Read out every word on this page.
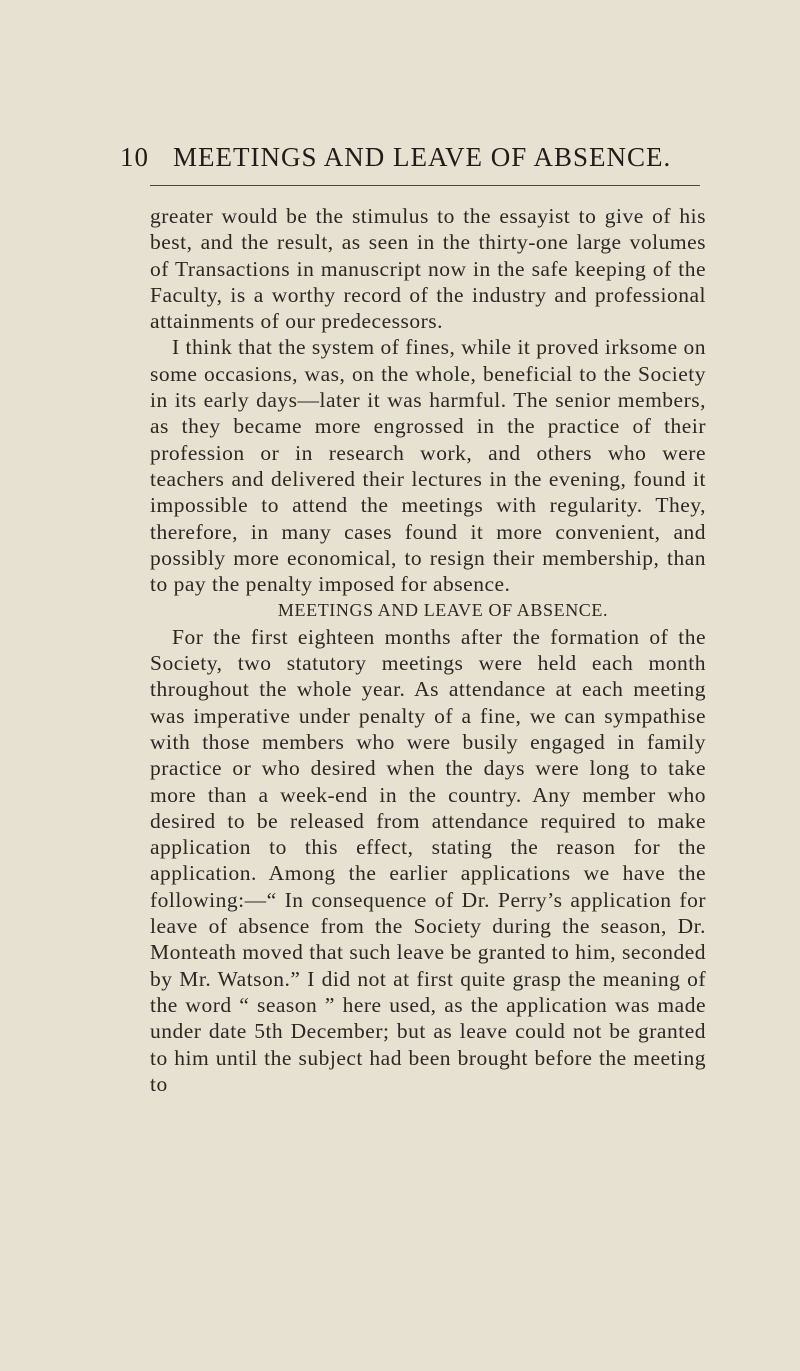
10 MEETINGS AND LEAVE OF ABSENCE.

greater would be the stimulus to the essayist to give of his best, and the result, as seen in the thirty-one large volumes of Transactions in manuscript now in the safe keeping of the Faculty, is a worthy record of the industry and professional attainments of our predecessors.

I think that the system of fines, while it proved irksome on some occasions, was, on the whole, beneficial to the Society in its early days—later it was harmful. The senior members, as they became more engrossed in the practice of their profession or in research work, and others who were teachers and delivered their lectures in the evening, found it impossible to attend the meetings with regularity. They, therefore, in many cases found it more convenient, and possibly more economical, to resign their membership, than to pay the penalty imposed for absence.

MEETINGS AND LEAVE OF ABSENCE.

For the first eighteen months after the formation of the Society, two statutory meetings were held each month throughout the whole year. As attendance at each meeting was imperative under penalty of a fine, we can sympathise with those members who were busily engaged in family practice or who desired when the days were long to take more than a week-end in the country. Any member who desired to be released from attendance required to make application to this effect, stating the reason for the application. Among the earlier applications we have the following:—“ In consequence of Dr. Perry’s application for leave of absence from the Society during the season, Dr. Monteath moved that such leave be granted to him, seconded by Mr. Watson.” I did not at first quite grasp the meaning of the word “ season ” here used, as the application was made under date 5th December; but as leave could not be granted to him until the subject had been brought before the meeting to
